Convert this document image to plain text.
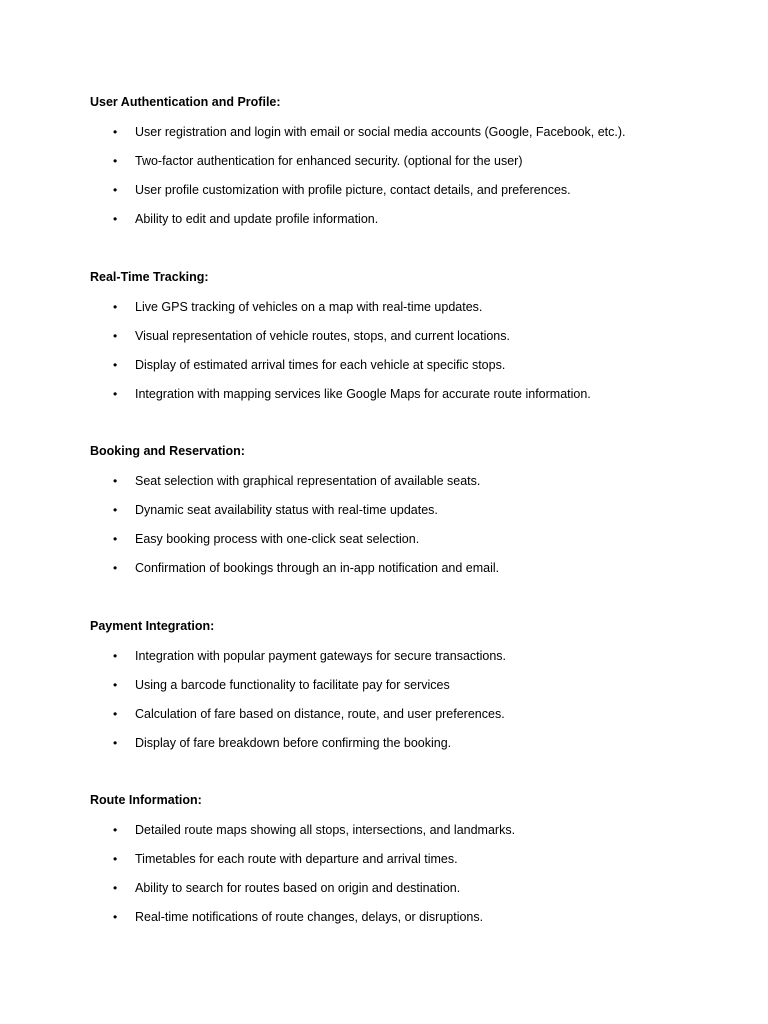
User Authentication and Profile:
• User registration and login with email or social media accounts (Google, Facebook, etc.).
• Two-factor authentication for enhanced security. (optional for the user)
• User profile customization with profile picture, contact details, and preferences.
• Ability to edit and update profile information.
Real-Time Tracking:
• Live GPS tracking of vehicles on a map with real-time updates.
• Visual representation of vehicle routes, stops, and current locations.
• Display of estimated arrival times for each vehicle at specific stops.
• Integration with mapping services like Google Maps for accurate route information.
Booking and Reservation:
• Seat selection with graphical representation of available seats.
• Dynamic seat availability status with real-time updates.
• Easy booking process with one-click seat selection.
• Confirmation of bookings through an in-app notification and email.
Payment Integration:
• Integration with popular payment gateways for secure transactions.
• Using a barcode functionality to facilitate pay for services
• Calculation of fare based on distance, route, and user preferences.
• Display of fare breakdown before confirming the booking.
Route Information:
• Detailed route maps showing all stops, intersections, and landmarks.
• Timetables for each route with departure and arrival times.
• Ability to search for routes based on origin and destination.
• Real-time notifications of route changes, delays, or disruptions.
